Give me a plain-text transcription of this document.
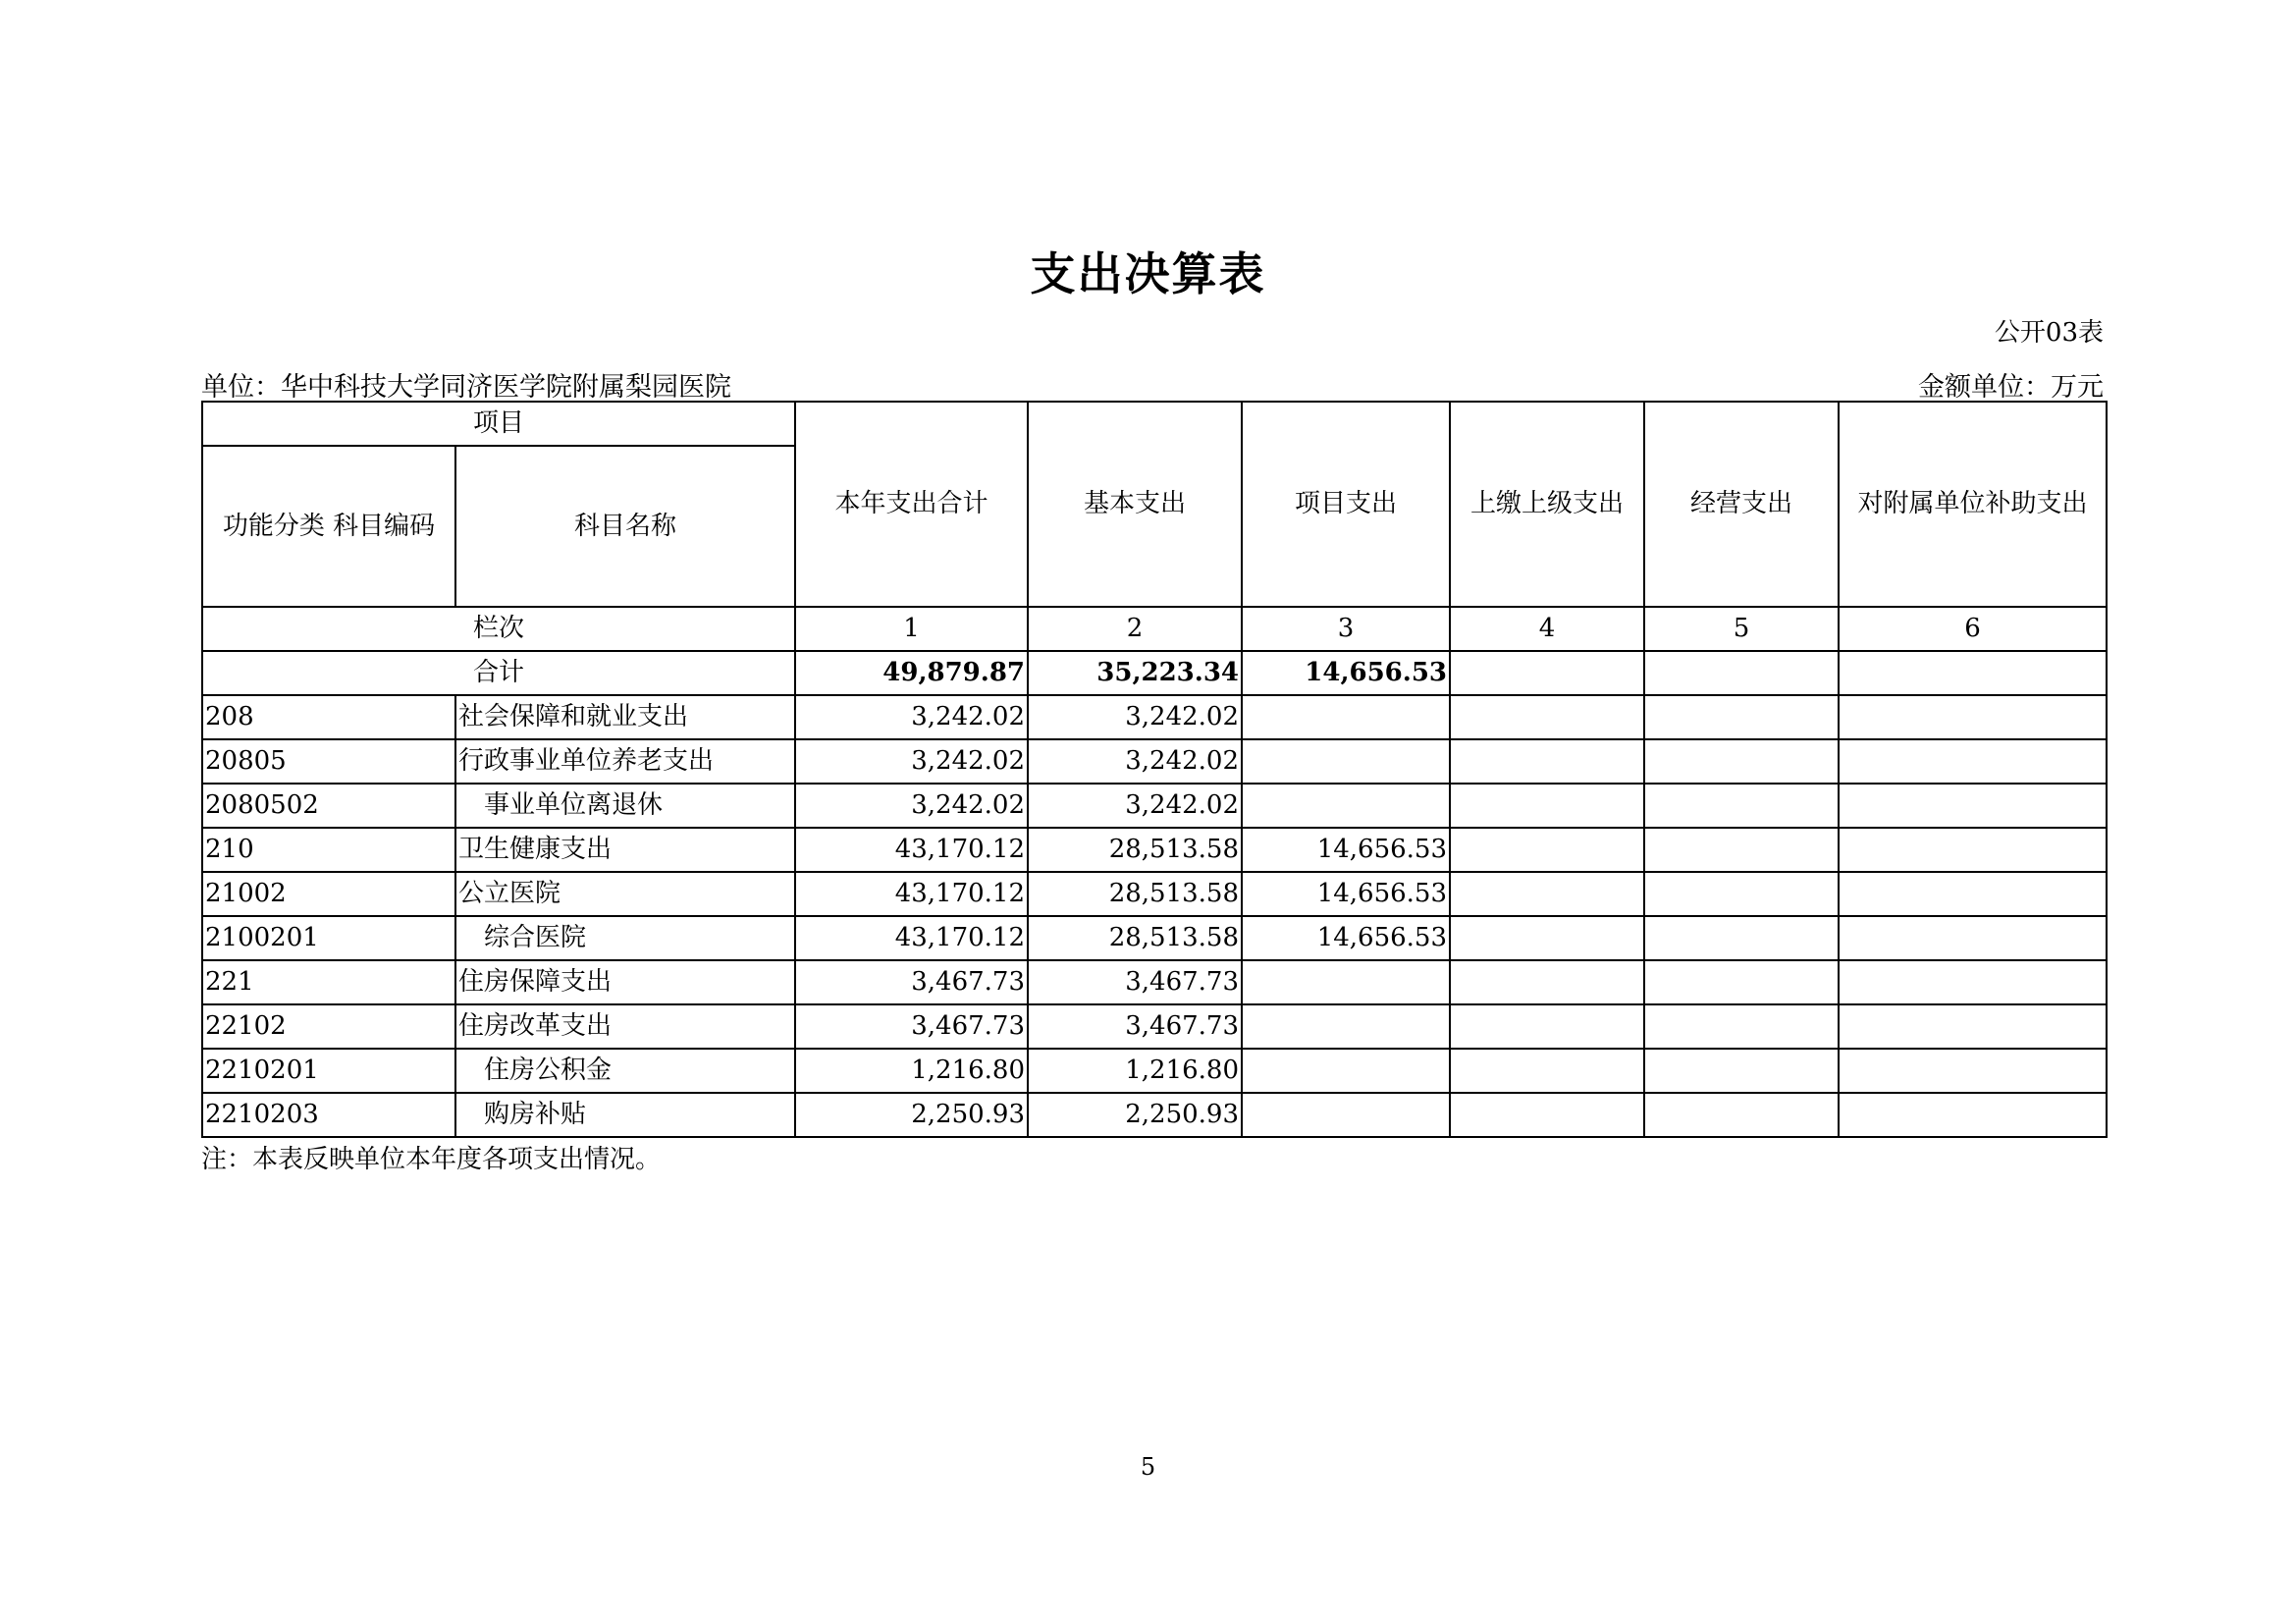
支出决算表
公开03表
单位：华中科技大学同济医学院附属梨园医院	金额单位：万元
项目		本年支出合计	基本支出	项目支出	上缴上级支出	经营支出	对附属单位补助支出
功能分类 科目编码	科目名称						
栏次		1	2	3	4	5	6
合计		49,879.87	35,223.34	14,656.53			
208	社会保障和就业支出	3,242.02	3,242.02				
20805	行政事业单位养老支出	3,242.02	3,242.02				
2080502	事业单位离退休	3,242.02	3,242.02				
210	卫生健康支出	43,170.12	28,513.58	14,656.53			
21002	公立医院	43,170.12	28,513.58	14,656.53			
2100201	综合医院	43,170.12	28,513.58	14,656.53			
221	住房保障支出	3,467.73	3,467.73				
22102	住房改革支出	3,467.73	3,467.73				
2210201	住房公积金	1,216.80	1,216.80				
2210203	购房补贴	2,250.93	2,250.93				
注：本表反映单位本年度各项支出情况。
5
